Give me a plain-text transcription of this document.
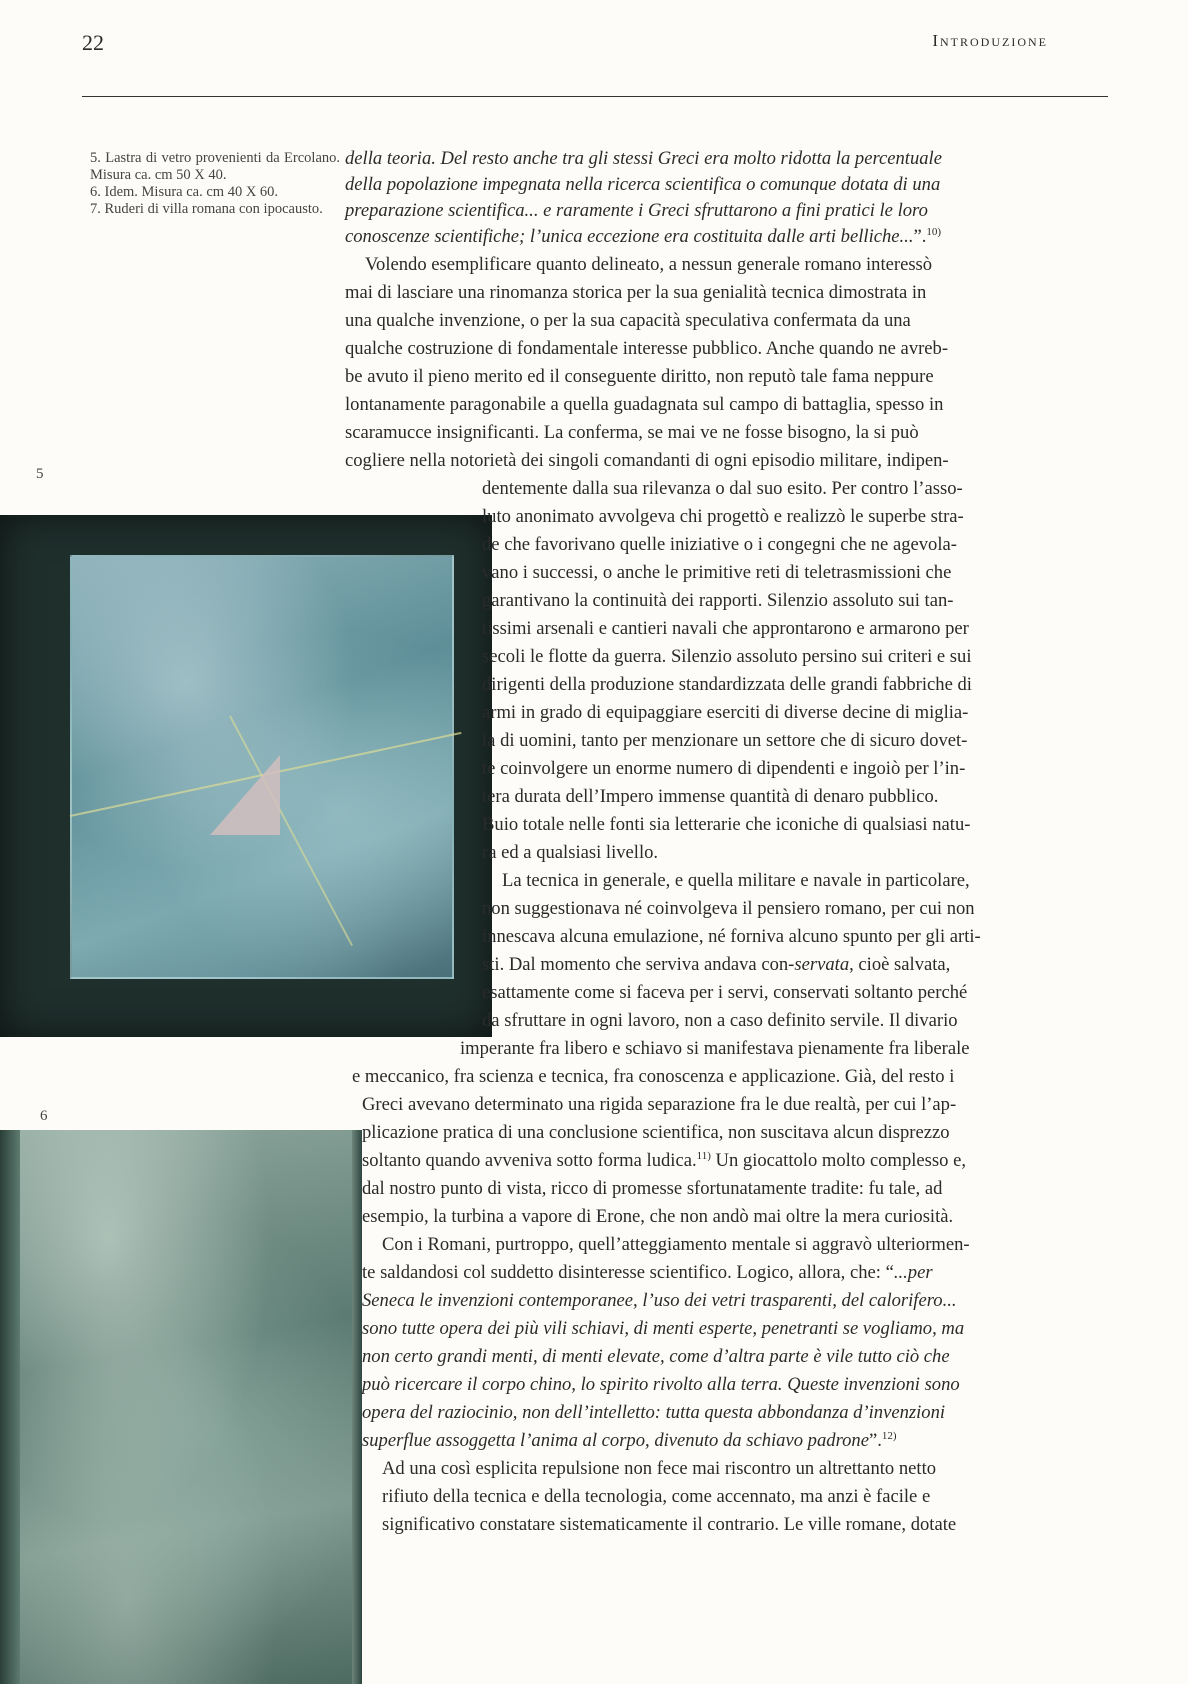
22	Introduzione
5. Lastra di vetro provenienti da Ercolano. Misura ca. cm 50 X 40.
6. Idem. Misura ca. cm 40 X 60.
7. Ruderi di villa romana con ipocausto.
5
6
della teoria. Del resto anche tra gli stessi Greci era molto ridotta la percentuale
della popolazione impegnata nella ricerca scientifica o comunque dotata di una
preparazione scientifica... e raramente i Greci sfruttarono a fini pratici le loro
conoscenze scientifiche; l’unica eccezione era costituita dalle arti belliche...”.$^{10)}$
Volendo esemplificare quanto delineato, a nessun generale romano interessò
mai di lasciare una rinomanza storica per la sua genialità tecnica dimostrata in
una qualche invenzione, o per la sua capacità speculativa confermata da una
qualche costruzione di fondamentale interesse pubblico. Anche quando ne avreb-
be avuto il pieno merito ed il conseguente diritto, non reputò tale fama neppure
lontanamente paragonabile a quella guadagnata sul campo di battaglia, spesso in
scaramucce insignificanti. La conferma, se mai ve ne fosse bisogno, la si può
cogliere nella notorietà dei singoli comandanti di ogni episodio militare, indipen-
dentemente dalla sua rilevanza o dal suo esito. Per contro l’asso-
luto anonimato avvolgeva chi progettò e realizzò le superbe stra-
de che favorivano quelle iniziative o i congegni che ne agevola-
vano i successi, o anche le primitive reti di teletrasmissioni che
garantivano la continuità dei rapporti. Silenzio assoluto sui tan-
tissimi arsenali e cantieri navali che approntarono e armarono per
secoli le flotte da guerra. Silenzio assoluto persino sui criteri e sui
dirigenti della produzione standardizzata delle grandi fabbriche di
armi in grado di equipaggiare eserciti di diverse decine di miglia-
ia di uomini, tanto per menzionare un settore che di sicuro dovet-
te coinvolgere un enorme numero di dipendenti e ingoiò per l’in-
tera durata dell’Impero immense quantità di denaro pubblico.
Buio totale nelle fonti sia letterarie che iconiche di qualsiasi natu-
ra ed a qualsiasi livello.
La tecnica in generale, e quella militare e navale in particolare,
non suggestionava né coinvolgeva il pensiero romano, per cui non
innescava alcuna emulazione, né forniva alcuno spunto per gli arti-
sti. Dal momento che serviva andava con-servata, cioè salvata,
esattamente come si faceva per i servi, conservati soltanto perché
da sfruttare in ogni lavoro, non a caso definito servile. Il divario
imperante fra libero e schiavo si manifestava pienamente fra liberale
e meccanico, fra scienza e tecnica, fra conoscenza e applicazione. Già, del resto i
Greci avevano determinato una rigida separazione fra le due realtà, per cui l’ap-
plicazione pratica di una conclusione scientifica, non suscitava alcun disprezzo
soltanto quando avveniva sotto forma ludica.$^{11)}$ Un giocattolo molto complesso e,
dal nostro punto di vista, ricco di promesse sfortunatamente tradite: fu tale, ad
esempio, la turbina a vapore di Erone, che non andò mai oltre la mera curiosità.
Con i Romani, purtroppo, quell’atteggiamento mentale si aggravò ulteriormen-
te saldandosi col suddetto disinteresse scientifico. Logico, allora, che: “...per
Seneca le invenzioni contemporanee, l’uso dei vetri trasparenti, del calorifero...
sono tutte opera dei più vili schiavi, di menti esperte, penetranti se vogliamo, ma
non certo grandi menti, di menti elevate, come d’altra parte è vile tutto ciò che
può ricercare il corpo chino, lo spirito rivolto alla terra. Queste invenzioni sono
opera del raziocinio, non dell’intelletto: tutta questa abbondanza d’invenzioni
superflue assoggetta l’anima al corpo, divenuto da schiavo padrone”.$^{12)}$
Ad una così esplicita repulsione non fece mai riscontro un altrettanto netto
rifiuto della tecnica e della tecnologia, come accennato, ma anzi è facile e
significativo constatare sistematicamente il contrario. Le ville romane, dotate
